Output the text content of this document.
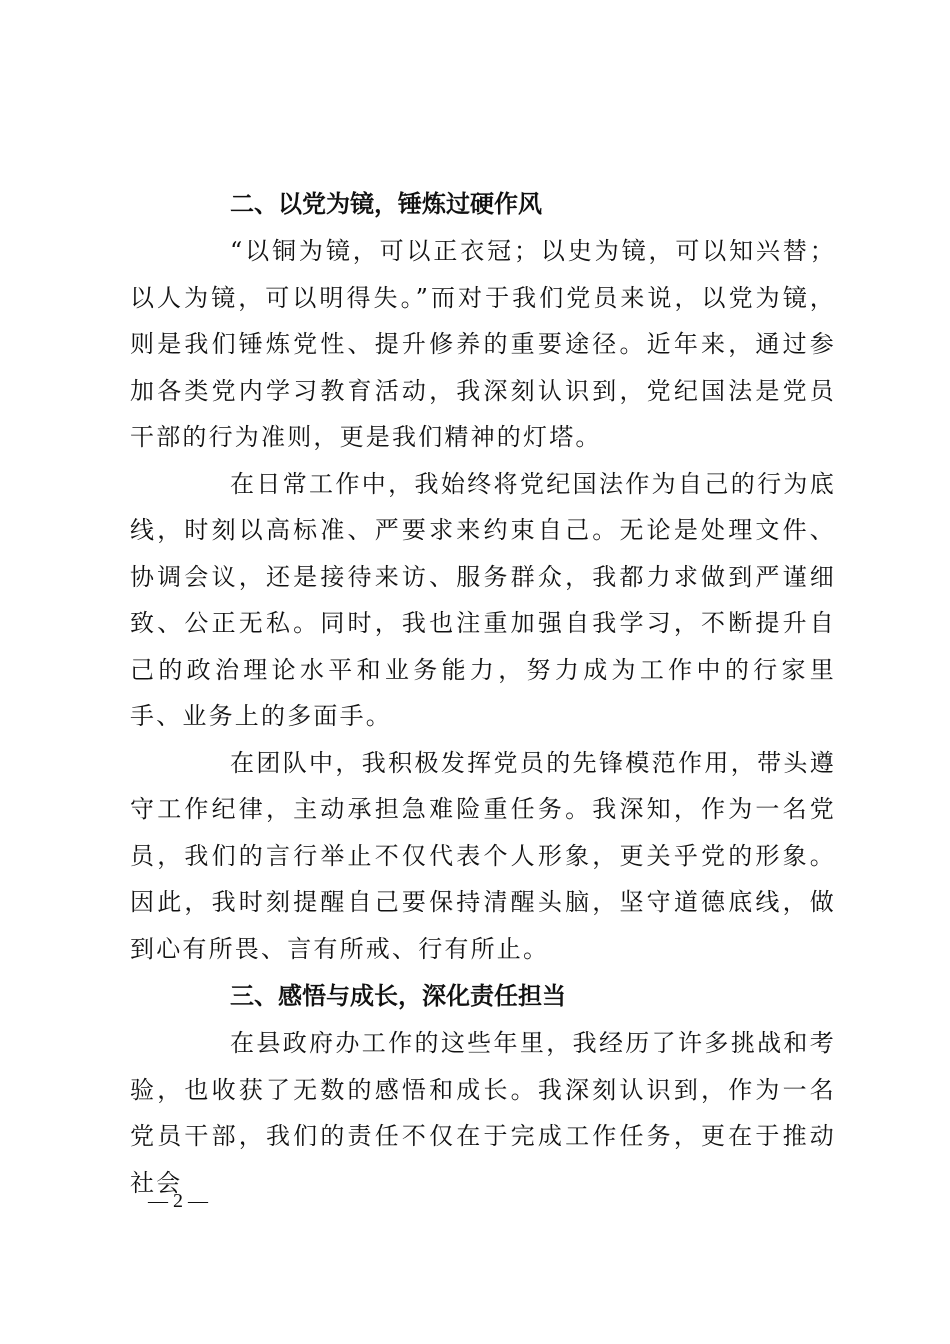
二、以党为镜，锤炼过硬作风

“以铜为镜，可以正衣冠；以史为镜，可以知兴替；以人为镜，可以明得失。”而对于我们党员来说，以党为镜，则是我们锤炼党性、提升修养的重要途径。近年来，通过参加各类党内学习教育活动，我深刻认识到，党纪国法是党员干部的行为准则，更是我们精神的灯塔。

在日常工作中，我始终将党纪国法作为自己的行为底线，时刻以高标准、严要求来约束自己。无论是处理文件、协调会议，还是接待来访、服务群众，我都力求做到严谨细致、公正无私。同时，我也注重加强自我学习，不断提升自己的政治理论水平和业务能力，努力成为工作中的行家里手、业务上的多面手。

在团队中，我积极发挥党员的先锋模范作用，带头遵守工作纪律，主动承担急难险重任务。我深知，作为一名党员，我们的言行举止不仅代表个人形象，更关乎党的形象。因此，我时刻提醒自己要保持清醒头脑，坚守道德底线，做到心有所畏、言有所戒、行有所止。

三、感悟与成长，深化责任担当

在县政府办工作的这些年里，我经历了许多挑战和考验，也收获了无数的感悟和成长。我深刻认识到，作为一名党员干部，我们的责任不仅在于完成工作任务，更在于推动社会

— 2 —
